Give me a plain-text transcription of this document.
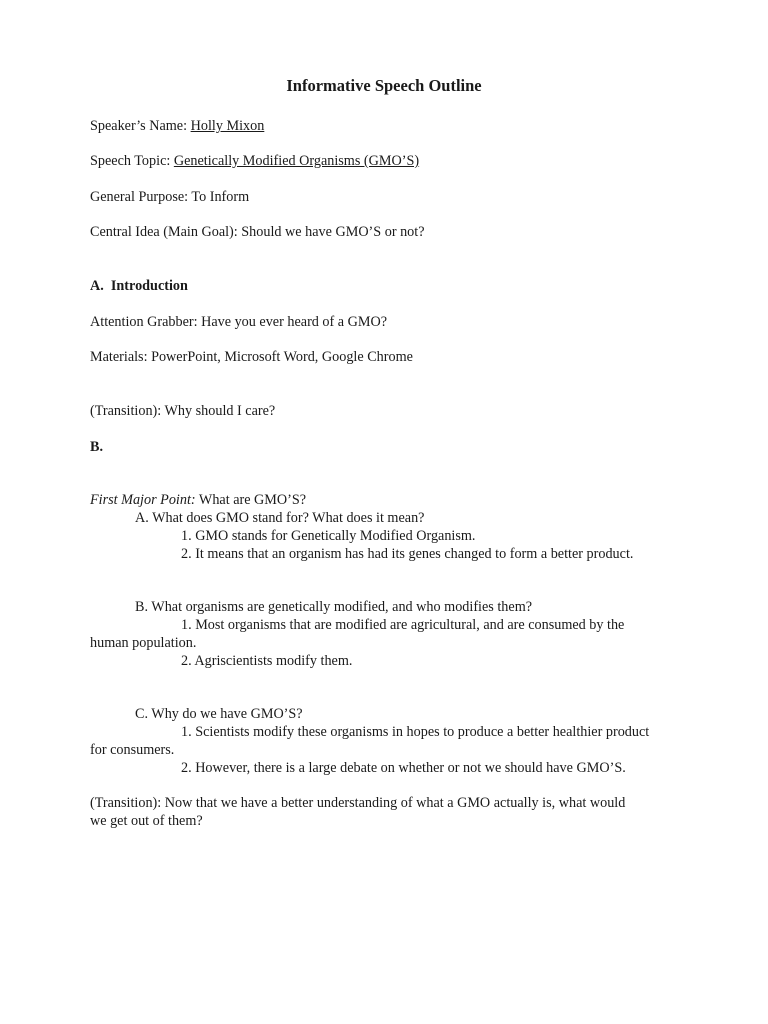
Informative Speech Outline
Speaker’s Name: Holly Mixon
Speech Topic: Genetically Modified Organisms (GMO’S)
General Purpose: To Inform
Central Idea (Main Goal): Should we have GMO’S or not?
A.  Introduction
Attention Grabber: Have you ever heard of a GMO?
Materials: PowerPoint, Microsoft Word, Google Chrome
(Transition): Why should I care?
B.
First Major Point: What are GMO’S?
A. What does GMO stand for? What does it mean?
1. GMO stands for Genetically Modified Organism.
2. It means that an organism has had its genes changed to form a better product.
B. What organisms are genetically modified, and who modifies them?
1. Most organisms that are modified are agricultural, and are consumed by the
human population.
2. Agriscientists modify them.
C. Why do we have GMO’S?
1. Scientists modify these organisms in hopes to produce a better healthier product
for consumers.
2. However, there is a large debate on whether or not we should have GMO’S.
(Transition): Now that we have a better understanding of what a GMO actually is, what would
we get out of them?
